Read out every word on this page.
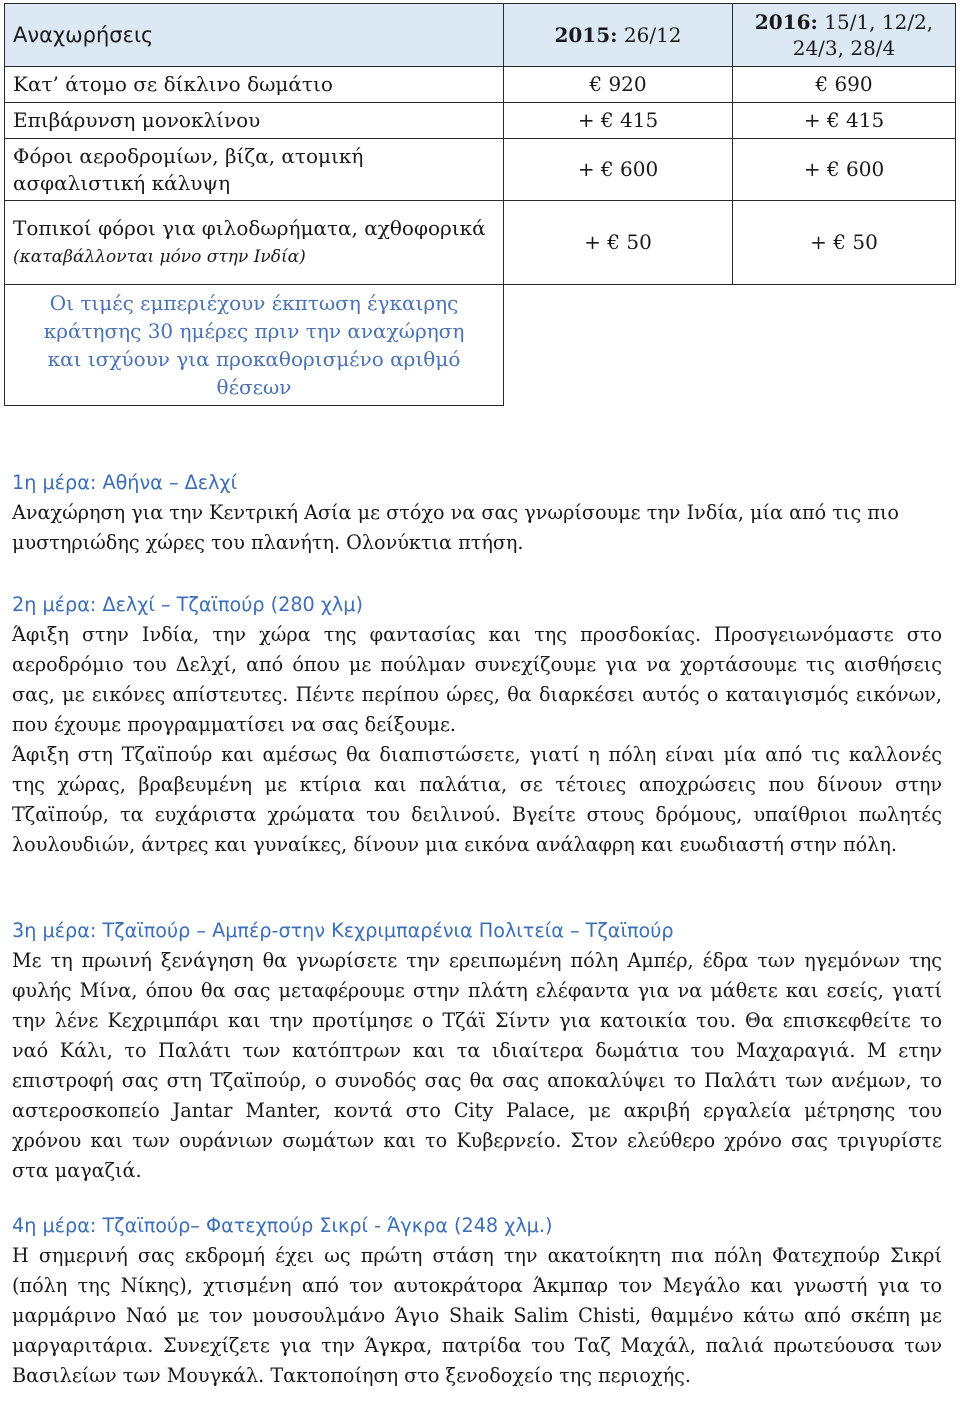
Αναχωρήσεις	2015: 26/12	2016: 15/1, 12/2, 24/3, 28/4
Κατ’ άτομο σε δίκλινο δωμάτιο	€ 920	€ 690
Επιβάρυνση μονοκλίνου	+ € 415	+ € 415
Φόροι αεροδρομίων, βίζα, ατομική ασφαλιστική κάλυψη	+ € 600	+ € 600
Τοπικοί φόροι για φιλοδωρήματα, αχθοφορικά (καταβάλλονται μόνο στην Ινδία)	+ € 50	+ € 50
Οι τιμές εμπεριέχουν έκπτωση έγκαιρης κράτησης 30 ημέρες πριν την αναχώρηση και ισχύουν για προκαθορισμένο αριθμό θέσεων		
1η μέρα: Αθήνα – Δελχί

Αναχώρηση για την Κεντρική Ασία με στόχο να σας γνωρίσουμε την Ινδία, μία από τις πιο μυστηριώδης χώρες του πλανήτη. Ολονύκτια πτήση.

2η μέρα: Δελχί – Τζαϊπούρ (280 χλμ)

Άφιξη στην Ινδία, την χώρα της φαντασίας και της προσδοκίας. Προσγειωνόμαστε στο αεροδρόμιο του Δελχί, από όπου με πούλμαν συνεχίζουμε για να χορτάσουμε τις αισθήσεις σας, με εικόνες απίστευτες. Πέντε περίπου ώρες, θα διαρκέσει αυτός ο καταιγισμός εικόνων, που έχουμε προγραμματίσει να σας δείξουμε.

Άφιξη στη Τζαϊπούρ και αμέσως θα διαπιστώσετε, γιατί η πόλη είναι μία από τις καλλονές της χώρας, βραβευμένη με κτίρια και παλάτια, σε τέτοιες αποχρώσεις που δίνουν στην Τζαϊπούρ, τα ευχάριστα χρώματα του δειλινού. Βγείτε στους δρόμους, υπαίθριοι πωλητές λουλουδιών, άντρες και γυναίκες, δίνουν μια εικόνα ανάλαφρη και ευωδιαστή στην πόλη.

3η μέρα: Τζαϊπούρ – Αμπέρ-στην Κεχριμπαρένια Πολιτεία – Τζαϊπούρ

Με τη πρωινή ξενάγηση θα γνωρίσετε την ερειπωμένη πόλη Αμπέρ, έδρα των ηγεμόνων της φυλής Μίνα, όπου θα σας μεταφέρουμε στην πλάτη ελέφαντα για να μάθετε και εσείς, γιατί την λένε Κεχριμπάρι και την προτίμησε ο Τζάϊ Σίντν για κατοικία του. Θα επισκεφθείτε το ναό Κάλι, το Παλάτι των κατόπτρων και τα ιδιαίτερα δωμάτια του Μαχαραγιά. Μ ετην επιστροφή σας στη Τζαϊπούρ, ο συνοδός σας θα σας αποκαλύψει το Παλάτι των ανέμων, το αστεροσκοπείο Jantar Manter, κοντά στο City Palace, με ακριβή εργαλεία μέτρησης του χρόνου και των ουράνιων σωμάτων και το Κυβερνείο. Στον ελεύθερο χρόνο σας τριγυρίστε στα μαγαζιά.

4η μέρα: Τζαϊπούρ– Φατεχπούρ Σικρί - Άγκρα (248 χλμ.)

Η σημερινή σας εκδρομή έχει ως πρώτη στάση την ακατοίκητη πια πόλη Φατεχπούρ Σικρί (πόλη της Νίκης), χτισμένη από τον αυτοκράτορα Άκμπαρ τον Μεγάλο και γνωστή για το μαρμάρινο Ναό με τον μουσουλμάνο Άγιο Shaik Salim Chisti, θαμμένο κάτω από σκέπη με μαργαριτάρια. Συνεχίζετε για την Άγκρα, πατρίδα του Ταζ Μαχάλ, παλιά πρωτεύουσα των Βασιλείων των Μουγκάλ. Τακτοποίηση στο ξενοδοχείο της περιοχής.
